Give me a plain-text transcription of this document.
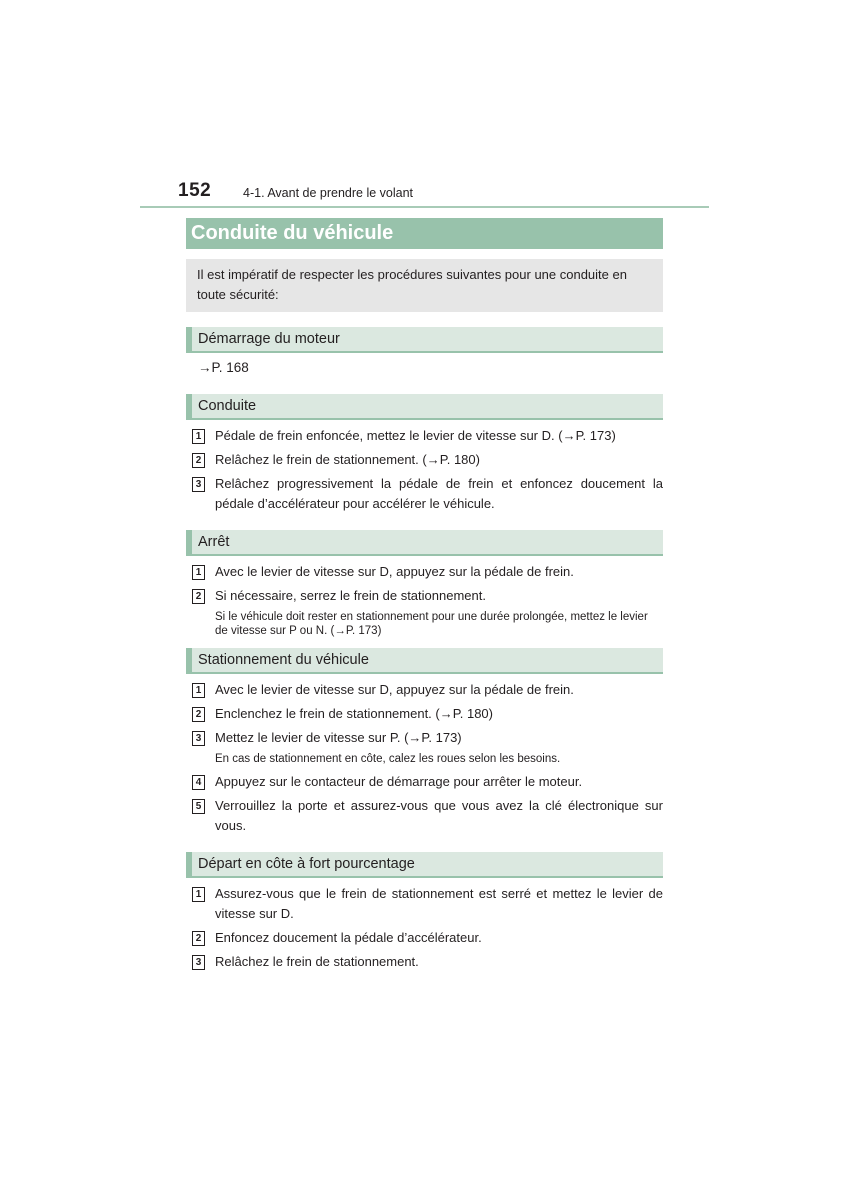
152	4-1. Avant de prendre le volant
Conduite du véhicule
Il est impératif de respecter les procédures suivantes pour une conduite en toute sécurité:
Démarrage du moteur
→P. 168
Conduite
1 Pédale de frein enfoncée, mettez le levier de vitesse sur D. (→P. 173)
2 Relâchez le frein de stationnement. (→P. 180)
3 Relâchez progressivement la pédale de frein et enfoncez doucement la pédale d’accélérateur pour accélérer le véhicule.
Arrêt
1 Avec le levier de vitesse sur D, appuyez sur la pédale de frein.
2 Si nécessaire, serrez le frein de stationnement.
Si le véhicule doit rester en stationnement pour une durée prolongée, mettez le levier de vitesse sur P ou N. (→P. 173)
Stationnement du véhicule
1 Avec le levier de vitesse sur D, appuyez sur la pédale de frein.
2 Enclenchez le frein de stationnement. (→P. 180)
3 Mettez le levier de vitesse sur P. (→P. 173)
En cas de stationnement en côte, calez les roues selon les besoins.
4 Appuyez sur le contacteur de démarrage pour arrêter le moteur.
5 Verrouillez la porte et assurez-vous que vous avez la clé électronique sur vous.
Départ en côte à fort pourcentage
1 Assurez-vous que le frein de stationnement est serré et mettez le levier de vitesse sur D.
2 Enfoncez doucement la pédale d’accélérateur.
3 Relâchez le frein de stationnement.
